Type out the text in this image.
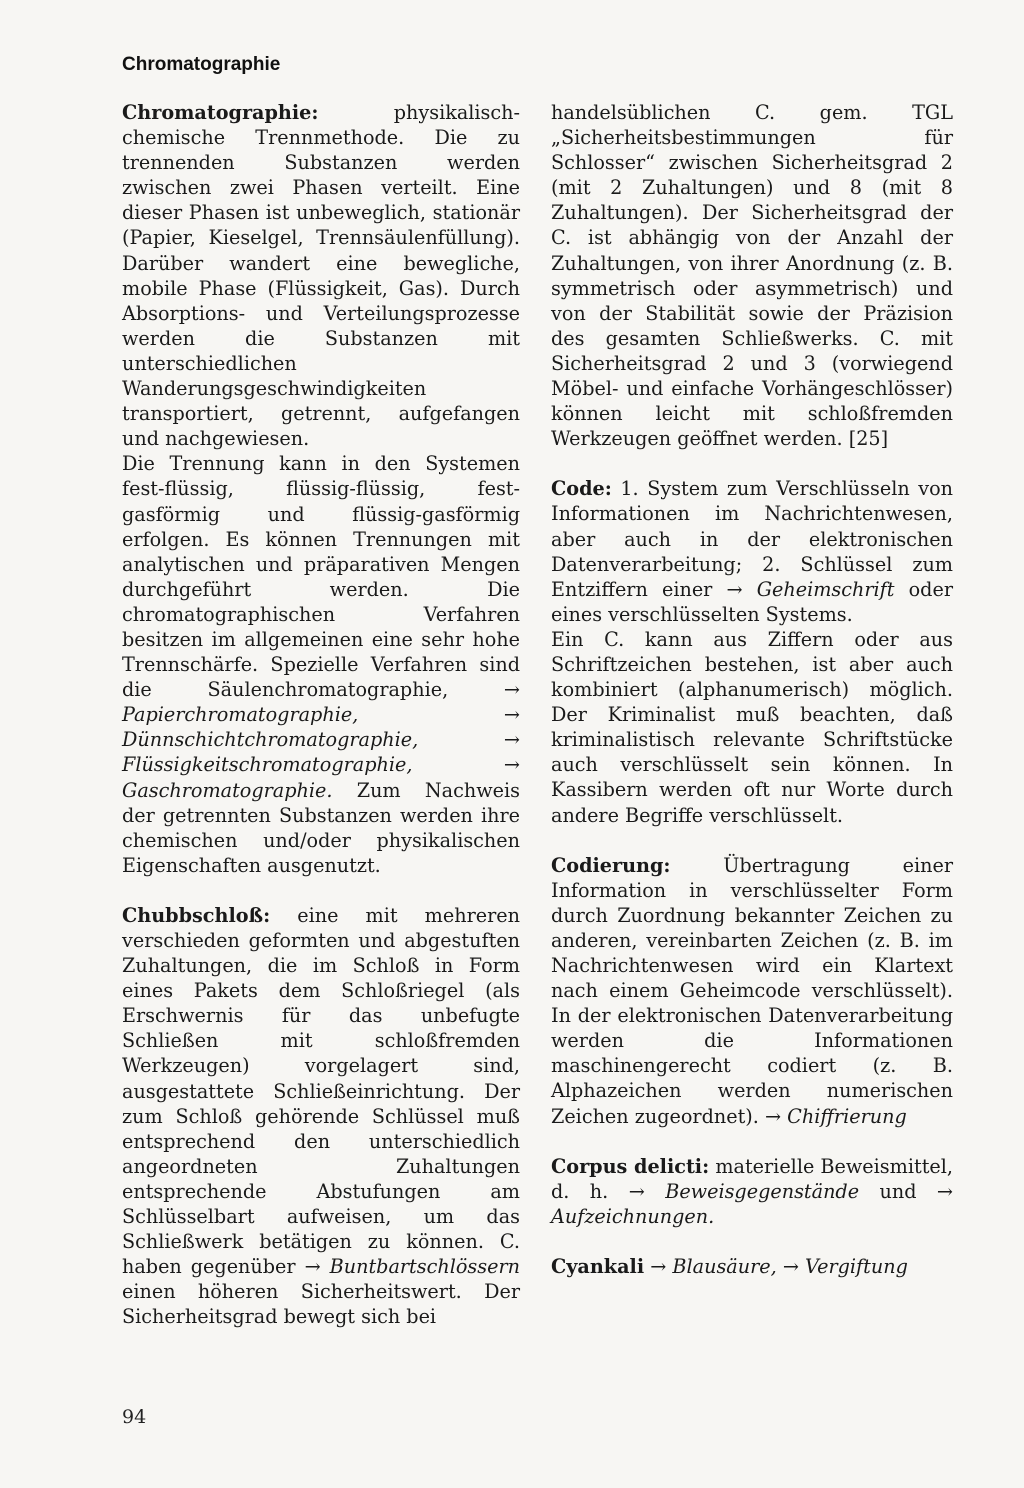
Chromatographie

Chromatographie: physikalisch-chemische Trennmethode. Die zu trennenden Substanzen werden zwischen zwei Phasen verteilt. Eine dieser Phasen ist unbeweglich, stationär (Papier, Kieselgel, Trennsäulenfüllung). Darüber wandert eine bewegliche, mobile Phase (Flüssigkeit, Gas). Durch Absorptions- und Verteilungsprozesse werden die Substanzen mit unterschiedlichen Wanderungsgeschwindigkeiten transportiert, getrennt, aufgefangen und nachgewiesen.

Die Trennung kann in den Systemen fest-flüssig, flüssig-flüssig, fest-gasförmig und flüssig-gasförmig erfolgen. Es können Trennungen mit analytischen und präparativen Mengen durchgeführt werden. Die chromatographischen Verfahren besitzen im allgemeinen eine sehr hohe Trennschärfe. Spezielle Verfahren sind die Säulenchromatographie, → Papierchromatographie,	→ Dünnschichtchromatographie,	→ Flüssigkeitschromatographie,	→ Gaschromatographie. Zum Nachweis der getrennten Substanzen werden ihre chemischen und/oder physikalischen Eigenschaften ausgenutzt.

Chubbschloß: eine mit mehreren verschieden geformten und abgestuften Zuhaltungen, die im Schloß in Form eines Pakets dem Schloßriegel (als Erschwernis für das unbefugte Schließen mit schloßfremden Werkzeugen) vorgelagert sind, ausgestattete Schließeinrichtung. Der zum Schloß gehörende Schlüssel muß entsprechend den unterschiedlich angeordneten Zuhaltungen entsprechende Abstufungen am Schlüsselbart aufweisen, um das Schließwerk betätigen zu können. C. haben gegenüber → Buntbartschlössern einen höheren Sicherheitswert. Der Sicherheitsgrad bewegt sich bei

handelsüblichen C. gem. TGL „Sicherheitsbestimmungen für Schlosser“ zwischen Sicherheitsgrad 2 (mit 2 Zuhaltungen) und 8 (mit 8 Zuhaltungen). Der Sicherheitsgrad der C. ist abhängig von der Anzahl der Zuhaltungen, von ihrer Anordnung (z. B. symmetrisch oder asymmetrisch) und von der Stabilität sowie der Präzision des gesamten Schließwerks. C. mit Sicherheitsgrad 2 und 3 (vorwiegend Möbel- und einfache Vorhängeschlösser) können leicht mit schloßfremden Werkzeugen geöffnet werden. [25]

Code: 1. System zum Verschlüsseln von Informationen im Nachrichtenwesen, aber auch in der elektronischen Datenverarbeitung; 2. Schlüssel zum Entziffern einer → Geheimschrift oder eines verschlüsselten Systems.

Ein C. kann aus Ziffern oder aus Schriftzeichen bestehen, ist aber auch kombiniert (alphanumerisch) möglich. Der Kriminalist muß beachten, daß kriminalistisch relevante Schriftstücke auch verschlüsselt sein können. In Kassibern werden oft nur Worte durch andere Begriffe verschlüsselt.

Codierung: Übertragung einer Information in verschlüsselter Form durch Zuordnung bekannter Zeichen zu anderen, vereinbarten Zeichen (z. B. im Nachrichtenwesen wird ein Klartext nach einem Geheimcode verschlüsselt). In der elektronischen Datenverarbeitung werden die Informationen maschinengerecht codiert (z. B. Alphazeichen werden numerischen Zeichen zugeordnet). → Chiffrierung

Corpus delicti: materielle Beweismittel, d. h. → Beweisgegenstände und → Aufzeichnungen.

Cyankali → Blausäure, → Vergiftung

94
